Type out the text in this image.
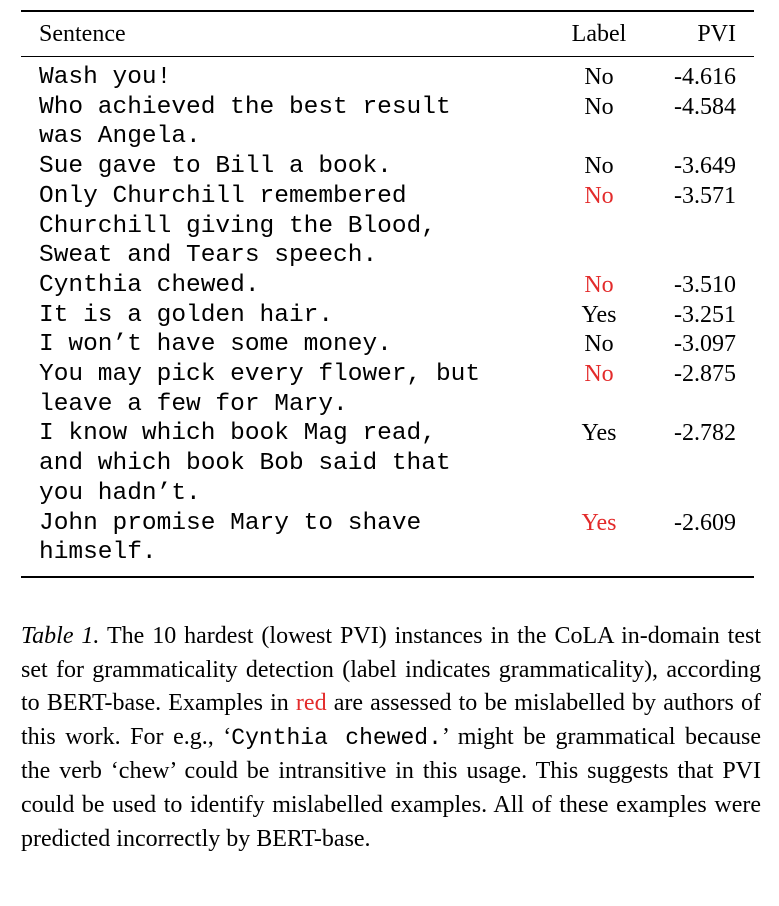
Sentence	Label	PVI
Wash you!	No	-4.616
Who achieved the best result
was Angela.	No	-4.584
Sue gave to Bill a book.	No	-3.649
Only Churchill remembered
Churchill giving the Blood,
Sweat and Tears speech.	No	-3.571
Cynthia chewed.	No	-3.510
It is a golden hair.	Yes	-3.251
I won’t have some money.	No	-3.097
You may pick every flower, but
leave a few for Mary.	No	-2.875
I know which book Mag read,
and which book Bob said that
you hadn’t.	Yes	-2.782
John promise Mary to shave
himself.	Yes	-2.609
Table 1. The 10 hardest (lowest PVI) instances in the CoLA in-domain test set for grammaticality detection (label indicates grammaticality), according to BERT-base. Examples in red are assessed to be mislabelled by authors of this work. For e.g., ‘Cynthia chewed.’ might be grammatical because the verb ‘chew’ could be intransitive in this usage. This suggests that PVI could be used to identify mislabelled examples. All of these examples were predicted incorrectly by BERT-base.
